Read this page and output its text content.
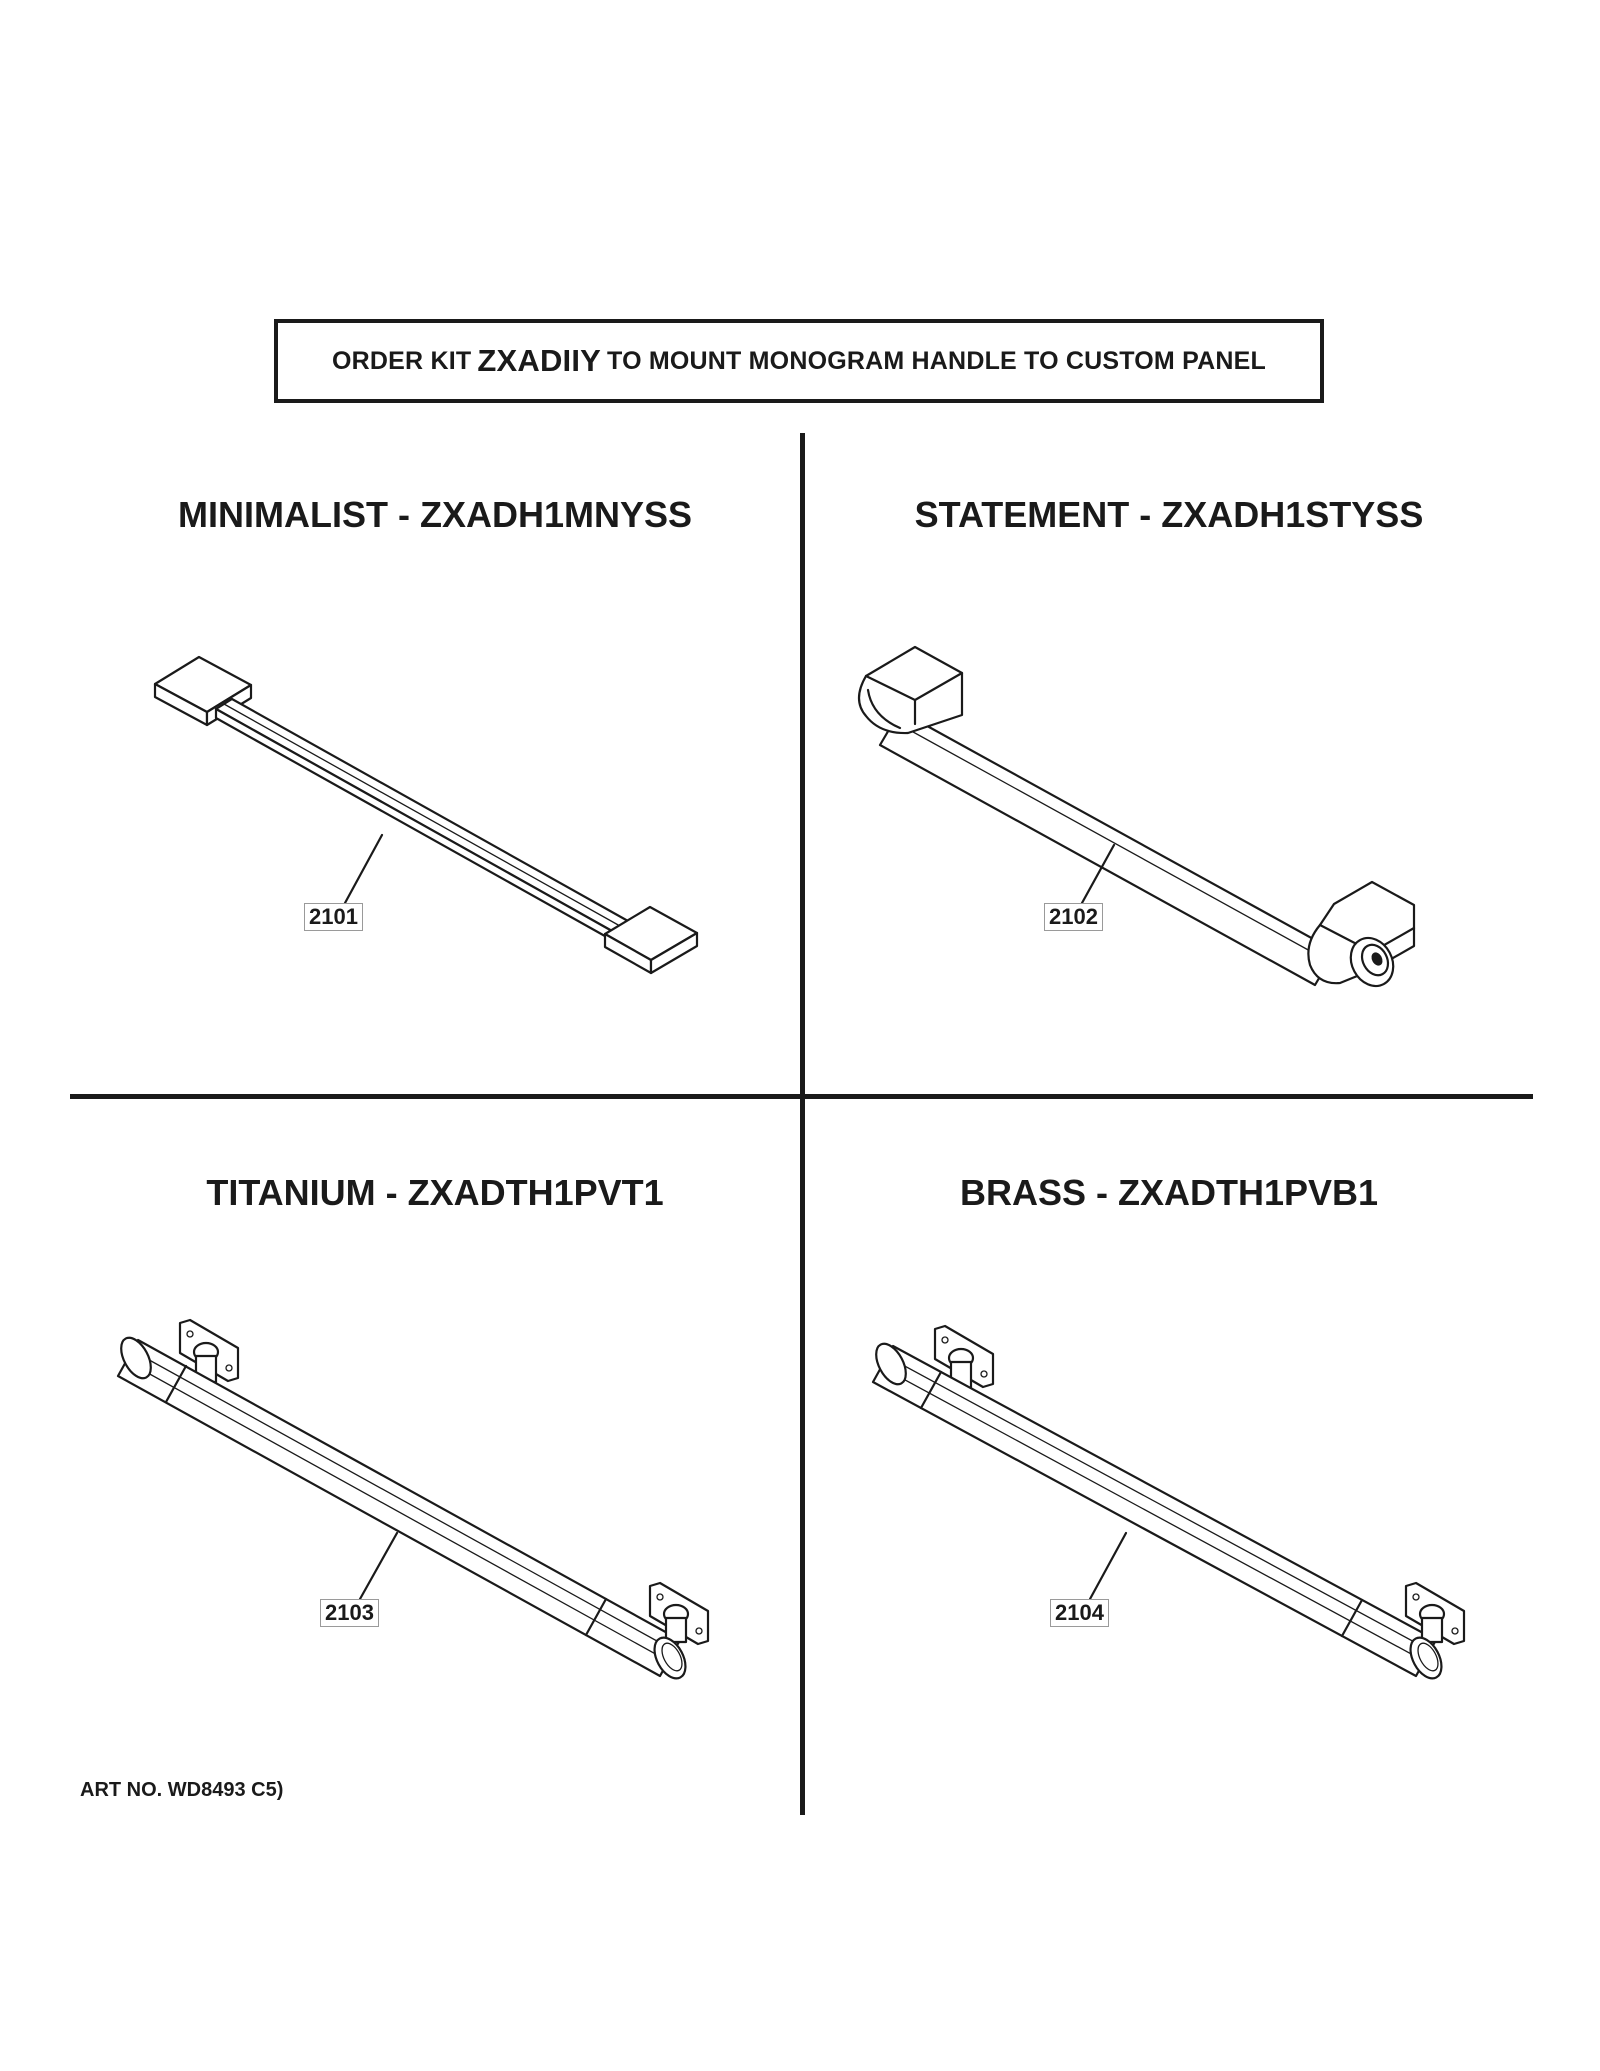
ORDER KIT ZXADIIY TO MOUNT MONOGRAM HANDLE TO CUSTOM PANEL
MINIMALIST - ZXADH1MNYSS	STATEMENT - ZXADH1STYSS
TITANIUM - ZXADTH1PVT1	BRASS - ZXADTH1PVB1
2101	2102
2103	2104
ART NO. WD8493 C5)
